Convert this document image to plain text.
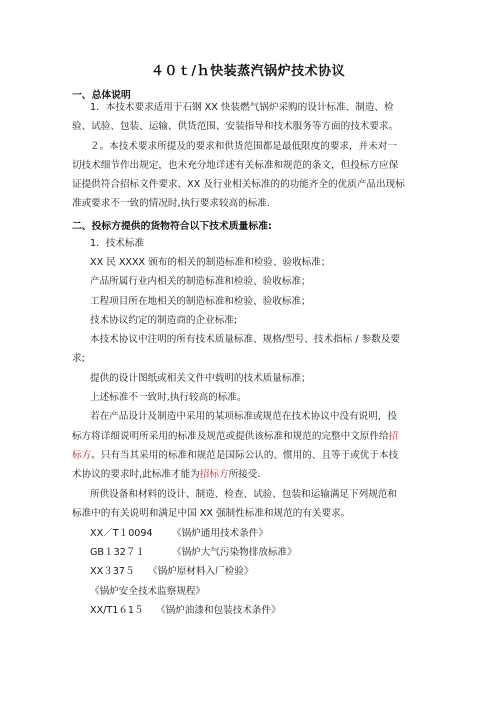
４０ｔ/ｈ快装蒸汽锅炉技术协议
一、总体说明
1．本技术要求适用于石钢 XX 快装燃气锅炉采购的设计标准、制造、检
验、试验、包装、运输、供货范围、安装指导和技术服务等方面的技术要求。
２。本技术要求所提及的要求和供货范围都是最低限度的要求，并未对一
切技术细节作出规定，也未充分地详述有关标准和规范的条文，但投标方应保
证提供符合招标文件要求、XX 及行业相关标准的的功能齐全的优质产品出现标
准或要求不一致的情况时,执行要求较高的标准.
二、投标方提供的货物符合以下技术质量标准:
1．技术标准
XX 民 XXXX 颁布的相关的制造标准和检验、验收标准；
产品所属行业内相关的制造标准和检验、验收标准；
工程项目所在地相关的制造标准和检验、验收标准；
技术协议约定的制造商的企业标准;
本技术协议中注明的所有技术质量标准、规格/型号、技术指标 / 参数及要
求;
提供的设计图纸或相关文件中载明的技术质量标准；
上述标准不一致时,执行较高的标准。
若在产品设计及制造中采用的某项标准或规范在技术协议中没有说明，投
标方将详细说明所采用的标准及规范或提供该标准和规范的完整中文原件给招
标方。只有当其采用的标准和规范是国际公认的、惯用的、且等于或优于本技
术协议的要求时,此标准才能为招标方所接受.
所供设备和材料的设计、制造、检查、试验、包装和运输满足下列规范和
标准中的有关说明和满足中国 XX 强制性标准和规范的有关要求。
XX／T１0094 《锅炉通用技术条件》
GB１32７１	《锅炉大气污染物排放标准》
XX３37５ 《锅炉原材料入厂检验》
《锅炉安全技术监察规程》
XX/T1６1５ 《锅炉油漆和包装技术条件》
